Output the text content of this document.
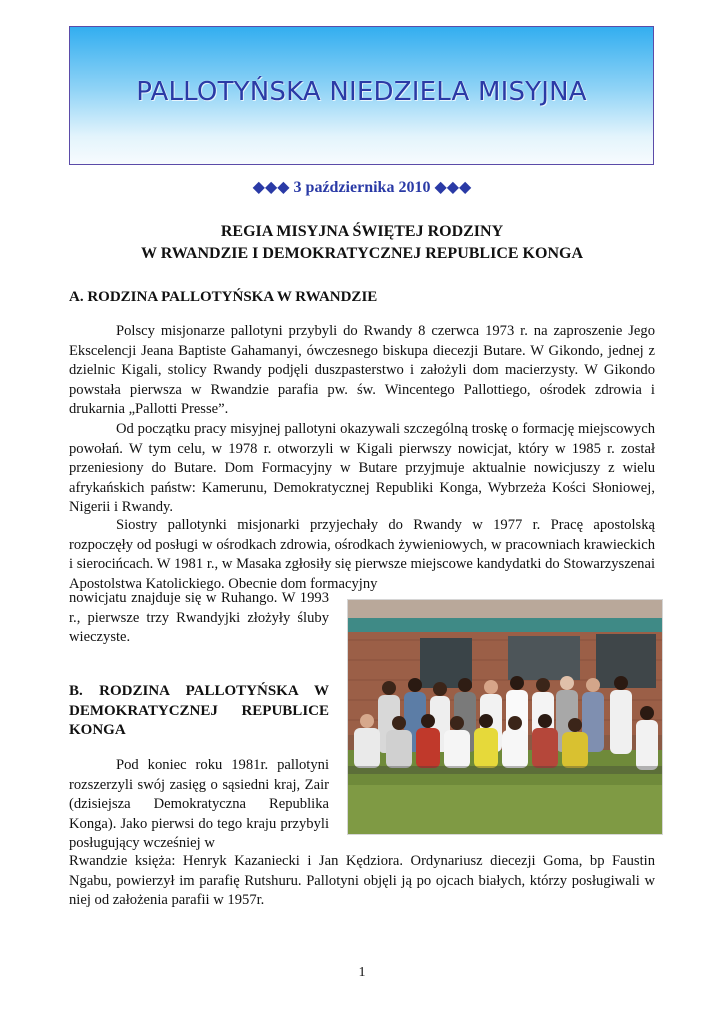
PALLOTYŃSKA NIEDZIELA MISYJNA
◆◆◆ 3 października 2010 ◆◆◆
REGIA MISYJNA ŚWIĘTEJ RODZINY
W RWANDZIE I DEMOKRATYCZNEJ REPUBLICE KONGA
A. RODZINA PALLOTYŃSKA W RWANDZIE

Polscy misjonarze pallotyni przybyli do Rwandy 8 czerwca 1973 r. na zaproszenie Jego Ekscelencji Jeana Baptiste Gahamanyi, ówczesnego biskupa diecezji Butare. W Gikondo, jednej z dzielnic Kigali, stolicy Rwandy podjęli duszpasterstwo i założyli dom macierzysty. W Gikondo powstała pierwsza w Rwandzie parafia pw. św. Wincentego Pallottiego, ośrodek zdrowia i drukarnia „Pallotti Presse”.

Od początku pracy misyjnej pallotyni okazywali szczególną troskę o formację miejscowych powołań. W tym celu, w 1978 r. otworzyli w Kigali pierwszy nowicjat, który w 1985 r. został przeniesiony do Butare. Dom Formacyjny w Butare przyjmuje aktualnie nowicjuszy z wielu afrykańskich państw: Kamerunu, Demokratycznej Republiki Konga, Wybrzeża Kości Słoniowej, Nigerii i Rwandy.

Siostry pallotynki misjonarki przyjechały do Rwandy w 1977 r. Pracę apostolską rozpoczęły od posługi w ośrodkach zdrowia, ośrodkach żywieniowych, w pracowniach krawieckich i sierocińcach. W 1981 r., w Masaka zgłosiły się pierwsze miejscowe kandydatki do Stowarzyszenai Apostolstwa Katolickiego. Obecnie dom formacyjny

nowicjatu znajduje się w Ruhango. W 1993 r., pierwsze trzy Rwandyjki złożyły śluby wieczyste.

B. RODZINA PALLOTYŃSKA W DEMOKRATYCZNEJ REPUBLICE KONGA

Pod koniec roku 1981r. pallotyni rozszerzyli swój zasięg o sąsiedni kraj, Zair (dzisiejsza Demokratyczna Republika Konga). Jako pierwsi do tego kraju przybyli posługujący wcześniej w

Rwandzie księża: Henryk Kazaniecki i Jan Kędziora. Ordynariusz diecezji Goma, bp Faustin Ngabu, powierzył im parafię Rutshuru. Pallotyni objęli ją po ojcach białych, którzy posługiwali w niej od założenia parafii w 1957r.

1
